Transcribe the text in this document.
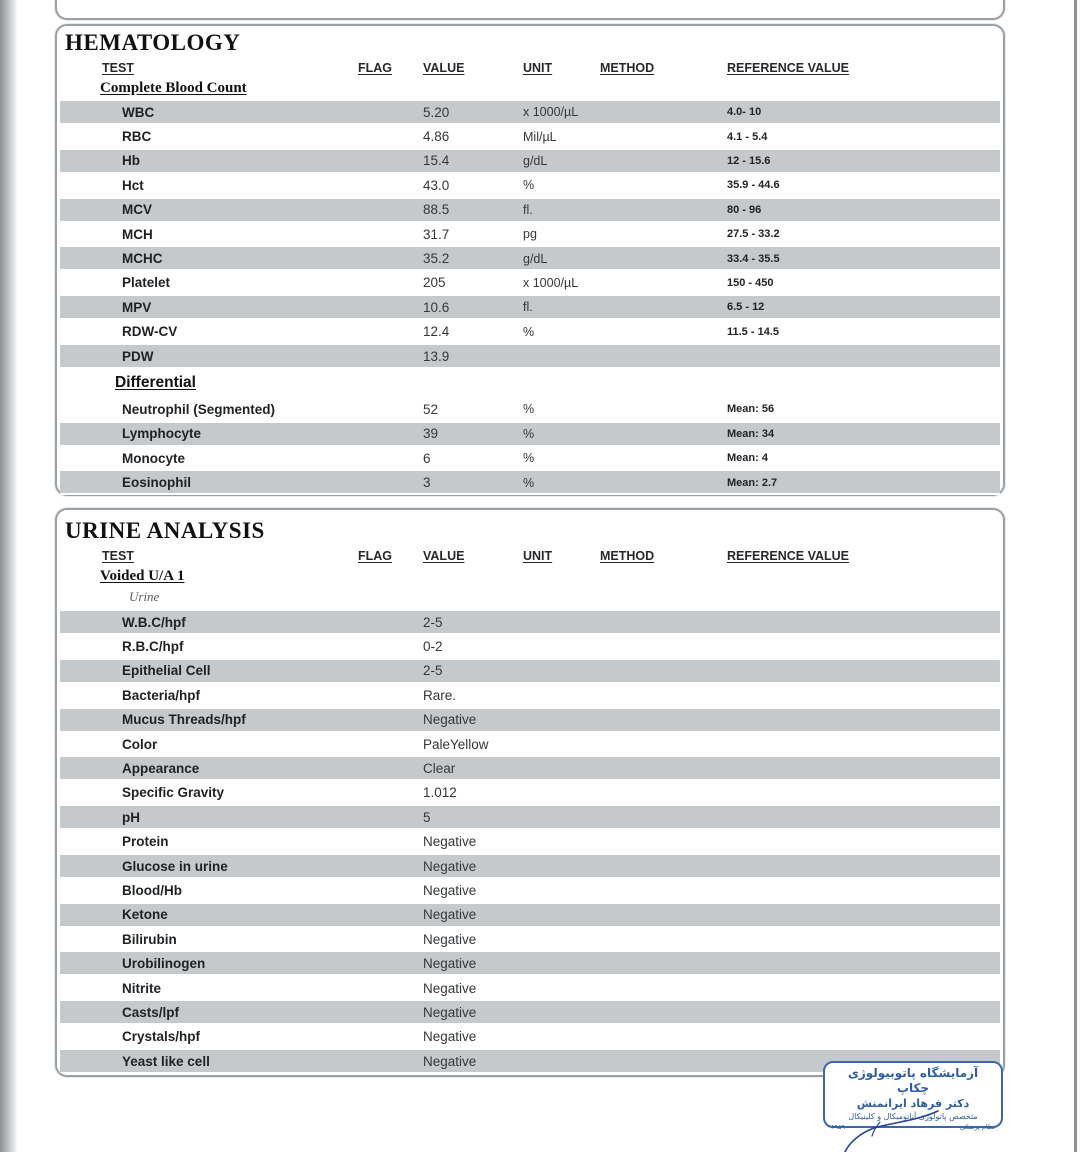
HEMATOLOGY
TEST	FLAG	VALUE	UNIT	METHOD	REFERENCE VALUE
Complete Blood Count
WBC	5.20	x 1000/µL	4.0- 10
RBC	4.86	Mil/µL	4.1 - 5.4
Hb	15.4	g/dL	12 - 15.6
Hct	43.0	%	35.9 - 44.6
MCV	88.5	fl.	80 - 96
MCH	31.7	pg	27.5 - 33.2
MCHC	35.2	g/dL	33.4 - 35.5
Platelet	205	x 1000/µL	150 - 450
MPV	10.6	fl.	6.5 - 12
RDW-CV	12.4	%	11.5 - 14.5
PDW	13.9
Differential
Neutrophil (Segmented)	52	%	Mean: 56
Lymphocyte	39	%	Mean: 34
Monocyte	6	%	Mean: 4
Eosinophil	3	%	Mean: 2.7
URINE ANALYSIS
TEST	FLAG	VALUE	UNIT	METHOD	REFERENCE VALUE
Voided U/A 1
Urine
W.B.C/hpf	2-5
R.B.C/hpf	0-2
Epithelial Cell	2-5
Bacteria/hpf	Rare.
Mucus Threads/hpf	Negative
Color	PaleYellow
Appearance	Clear
Specific Gravity	1.012
pH	5
Protein	Negative
Glucose in urine	Negative
Blood/Hb	Negative
Ketone	Negative
Bilirubin	Negative
Urobilinogen	Negative
Nitrite	Negative
Casts/lpf	Negative
Crystals/hpf	Negative
Yeast like cell	Negative
آزمایشگاه پاتوبیولوژی چکاپ
دکتر فرهاد ایرانمنش
متخصص پاتولوژی آناتومیکال و کلینیکال
نظام پزشکی
۶۹۵۹۰
